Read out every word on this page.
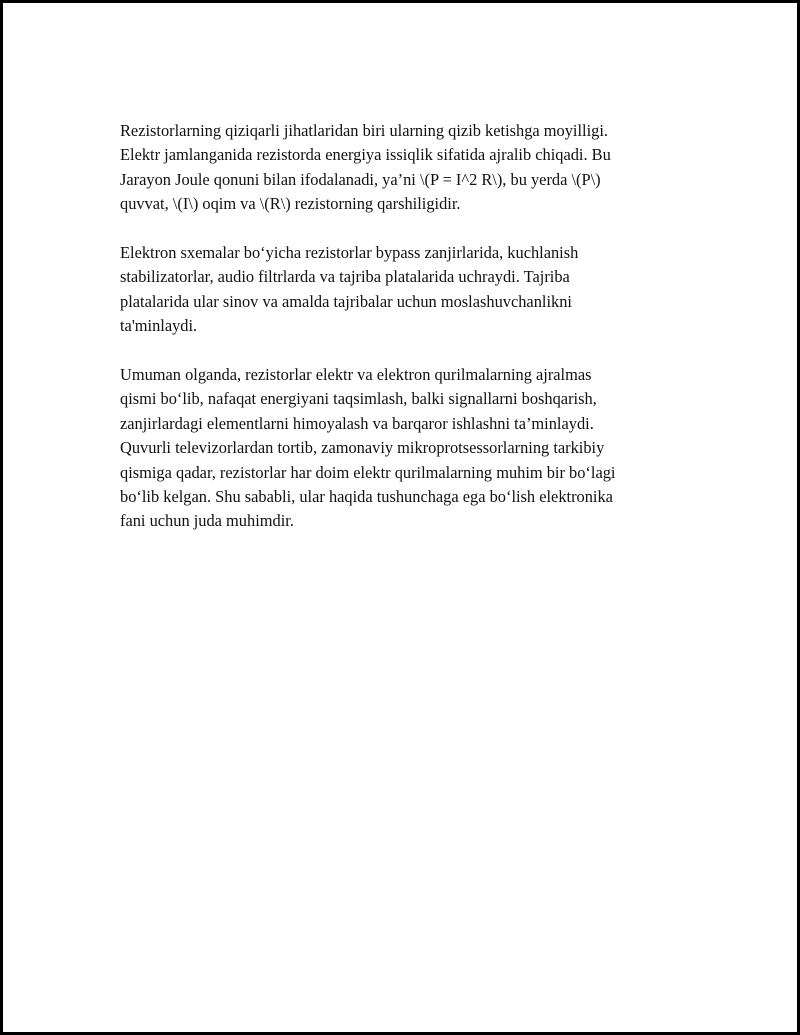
Rezistorlarning qiziqarli jihatlaridan biri ularning qizib ketishga moyilligi.
Elektr jamlanganida rezistorda energiya issiqlik sifatida ajralib chiqadi. Bu
Jarayon Joule qonuni bilan ifodalanadi, ya’ni \(P = I^2 R\), bu yerda \(P\)
quvvat, \(I\) oqim va \(R\) rezistorning qarshiligidir.

Elektron sxemalar bo‘yicha rezistorlar bypass zanjirlarida, kuchlanish
stabilizatorlar, audio filtrlarda va tajriba platalarida uchraydi. Tajriba
platalarida ular sinov va amalda tajribalar uchun moslashuvchanlikni
ta'minlaydi.

Umuman olganda, rezistorlar elektr va elektron qurilmalarning ajralmas
qismi bo‘lib, nafaqat energiyani taqsimlash, balki signallarni boshqarish,
zanjirlardagi elementlarni himoyalash va barqaror ishlashni ta’minlaydi.
Quvurli televizorlardan tortib, zamonaviy mikroprotsessorlarning tarkibiy
qismiga qadar, rezistorlar har doim elektr qurilmalarning muhim bir bo‘lagi
bo‘lib kelgan. Shu sababli, ular haqida tushunchaga ega bo‘lish elektronika
fani uchun juda muhimdir.
